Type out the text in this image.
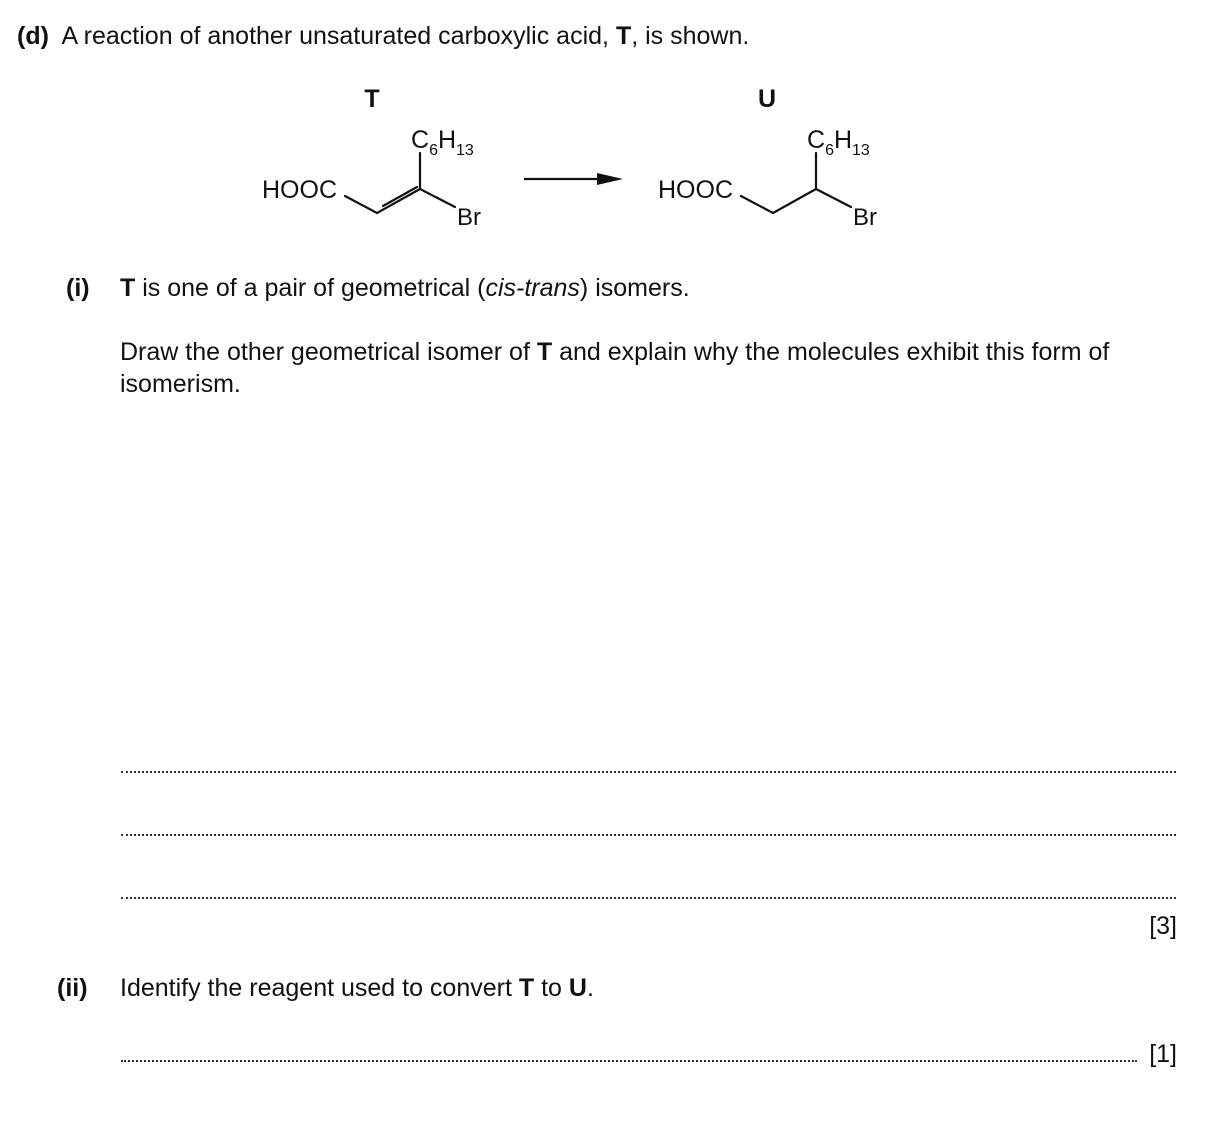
(d) A reaction of another unsaturated carboxylic acid, T, is shown.
T
HOOC
$C_6H_{13}$
Br
U
HOOC
$C_6H_{13}$
Br
(i) T is one of a pair of geometrical (cis-trans) isomers.
Draw the other geometrical isomer of T and explain why the molecules exhibit this form of
isomerism.
[3]
(ii) Identify the reagent used to convert T to U.
[1]
